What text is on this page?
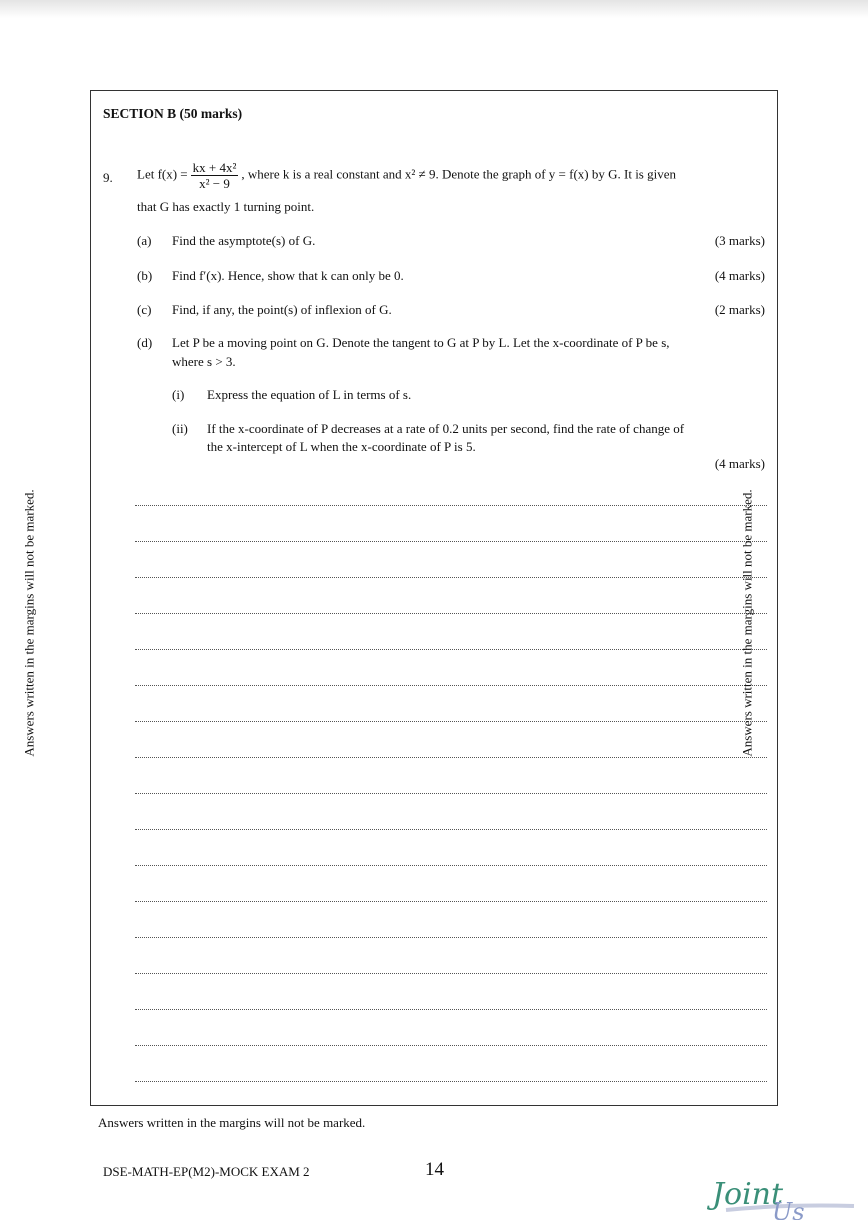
SECTION B (50 marks)
9. Let $f(x) = \frac{\text{kx + 4x²}}{\text{x² − 9}}$ , where k is a real constant and x² ≠ 9. Denote the graph of y = f(x) by G. It is given
that G has exactly 1 turning point.
(a) Find the asymptote(s) of G.	(3 marks)
(b) Find f′(x). Hence, show that k can only be 0.	(4 marks)
(c) Find, if any, the point(s) of inflexion of G.	(2 marks)
(d) Let P be a moving point on G. Denote the tangent to G at P by L. Let the x-coordinate of P be s,
where s > 3.
(i) Express the equation of L in terms of s.
(ii) If the x-coordinate of P decreases at a rate of 0.2 units per second, find the rate of change of
the x-intercept of L when the x-coordinate of P is 5.
(4 marks)
Answers written in the margins will not be marked.	Answers written in the margins will not be marked.
Answers written in the margins will not be marked.
DSE-MATH-EP(M2)-MOCK EXAM 2	14
Joint
Us
